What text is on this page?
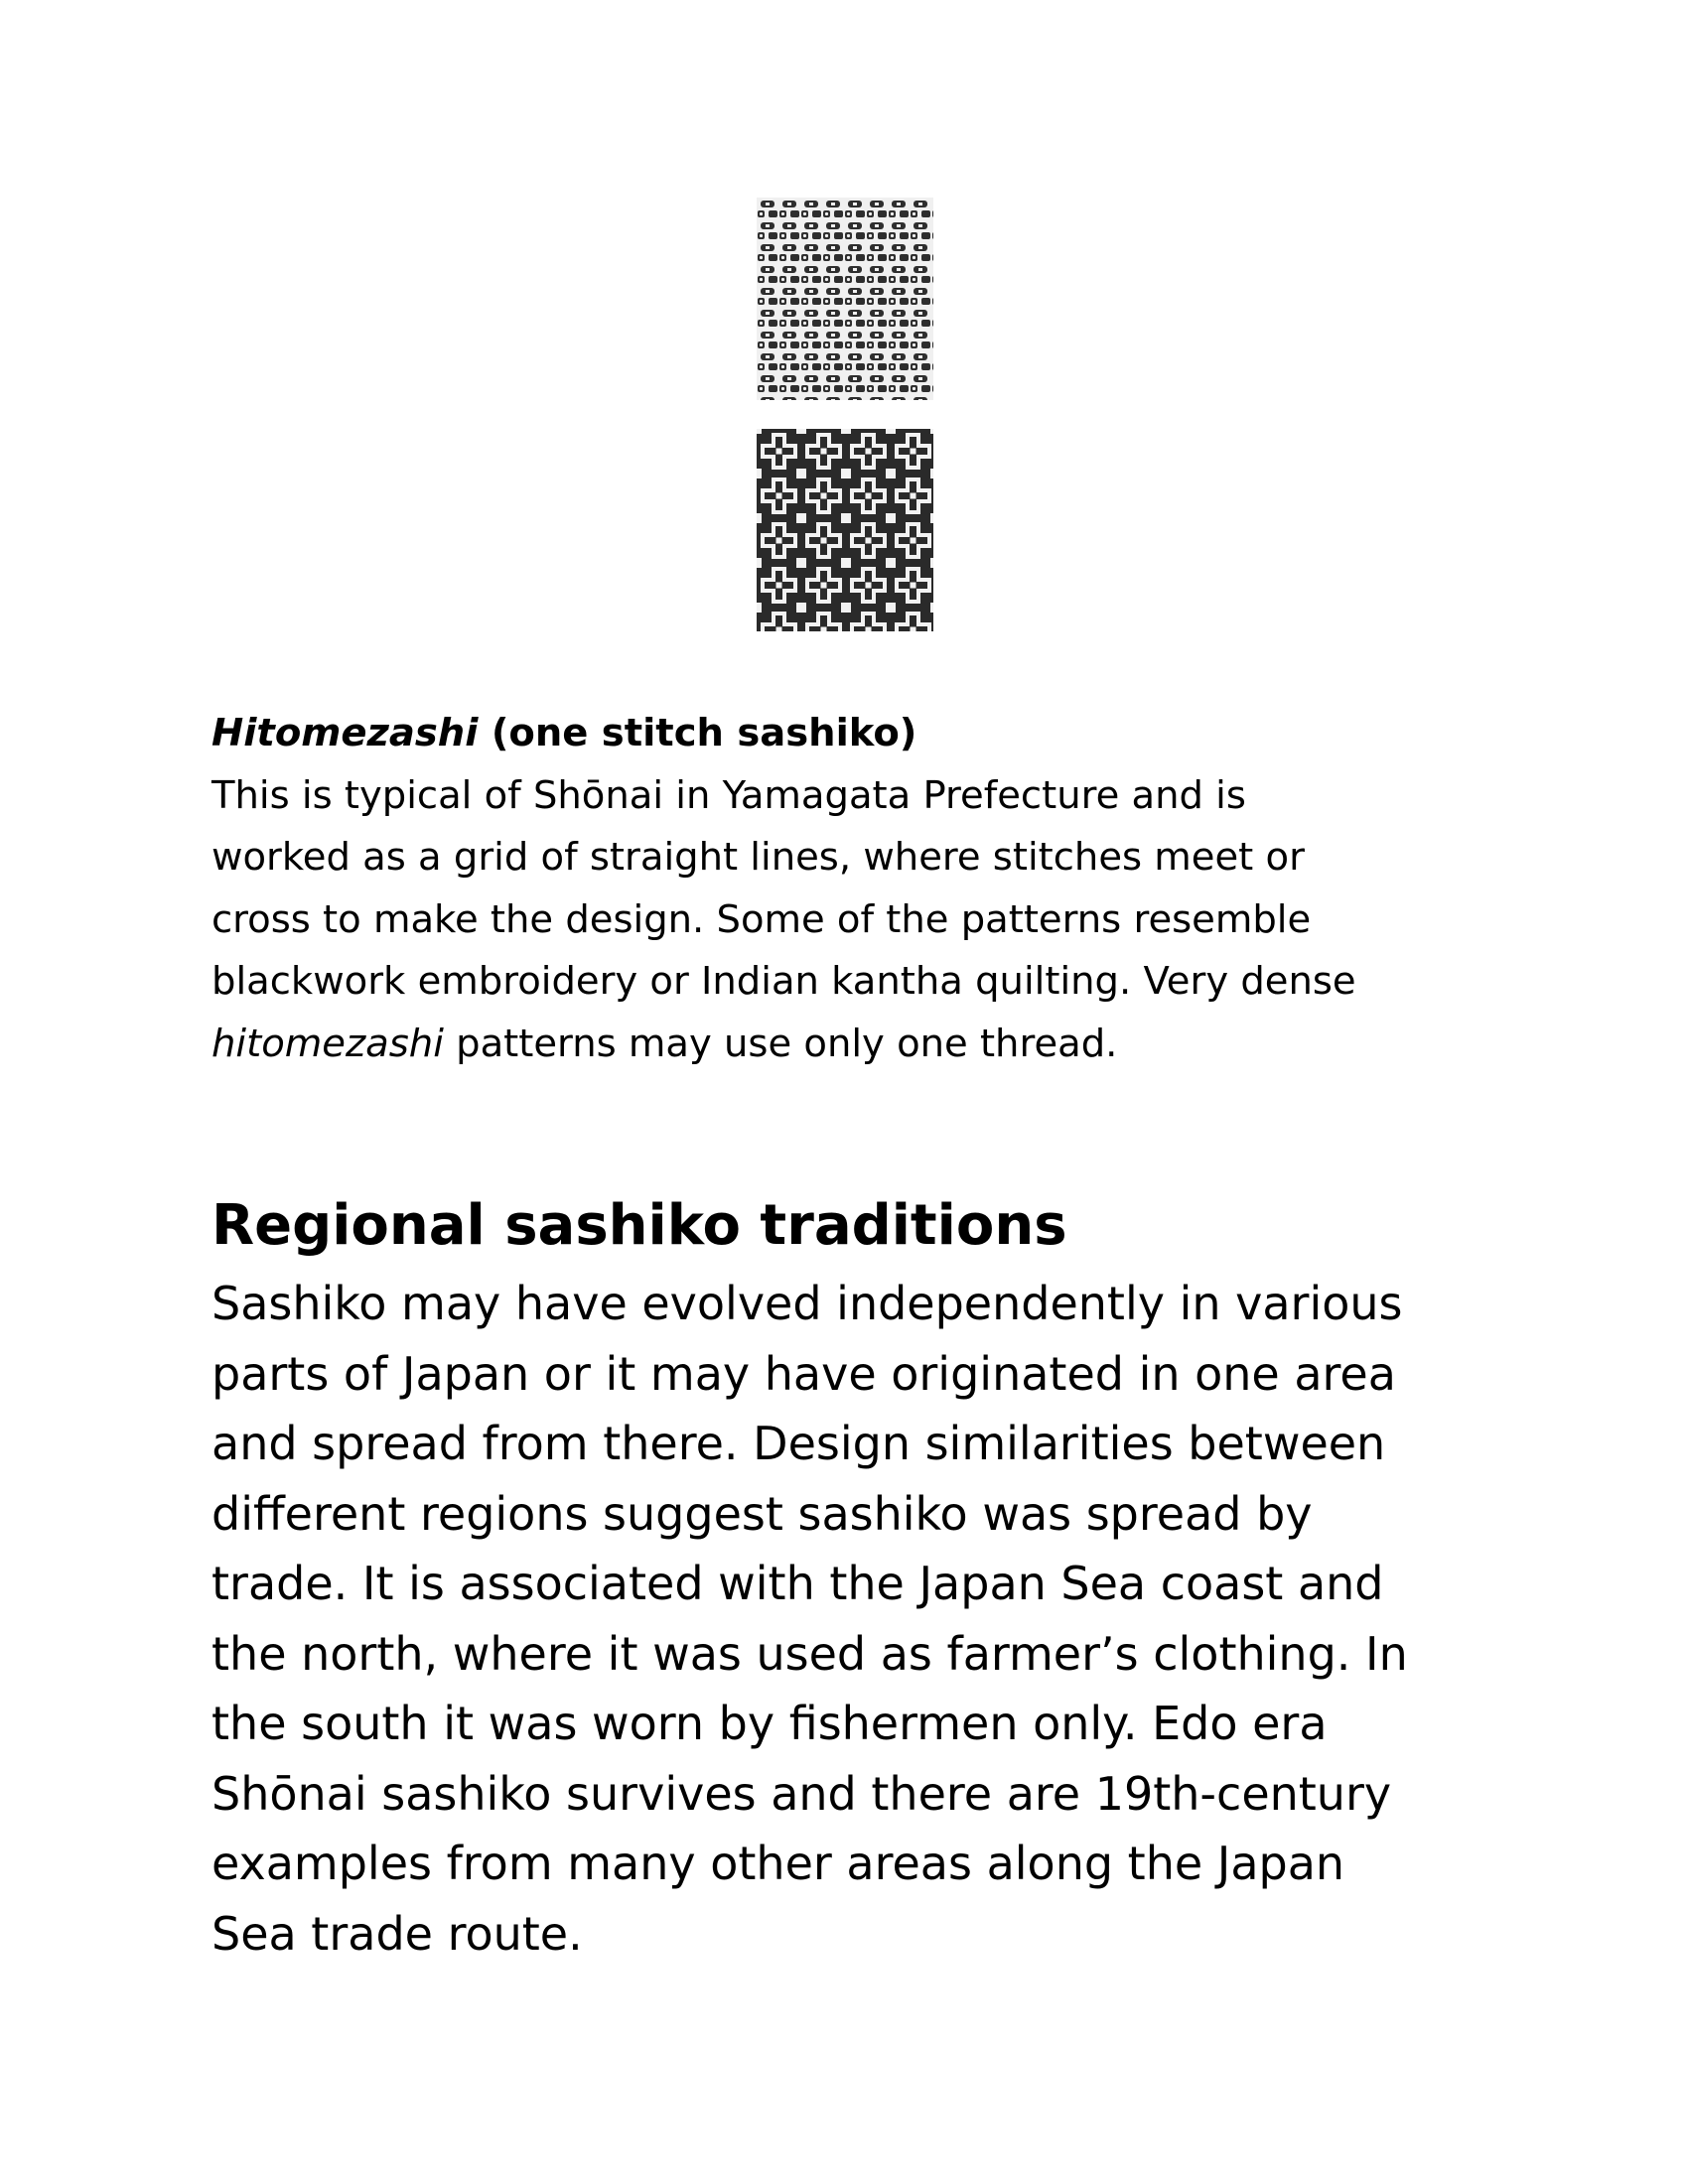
Hitomezashi (one stitch sashiko)
This is typical of Shōnai in Yamagata Prefecture and is
worked as a grid of straight lines, where stitches meet or
cross to make the design. Some of the patterns resemble
blackwork embroidery or Indian kantha quilting. Very dense
hitomezashi patterns may use only one thread.
Regional sashiko traditions
Sashiko may have evolved independently in various
parts of Japan or it may have originated in one area
and spread from there. Design similarities between
different regions suggest sashiko was spread by
trade. It is associated with the Japan Sea coast and
the north, where it was used as farmer’s clothing. In
the south it was worn by fishermen only. Edo era
Shōnai sashiko survives and there are 19th-century
examples from many other areas along the Japan
Sea trade route.
